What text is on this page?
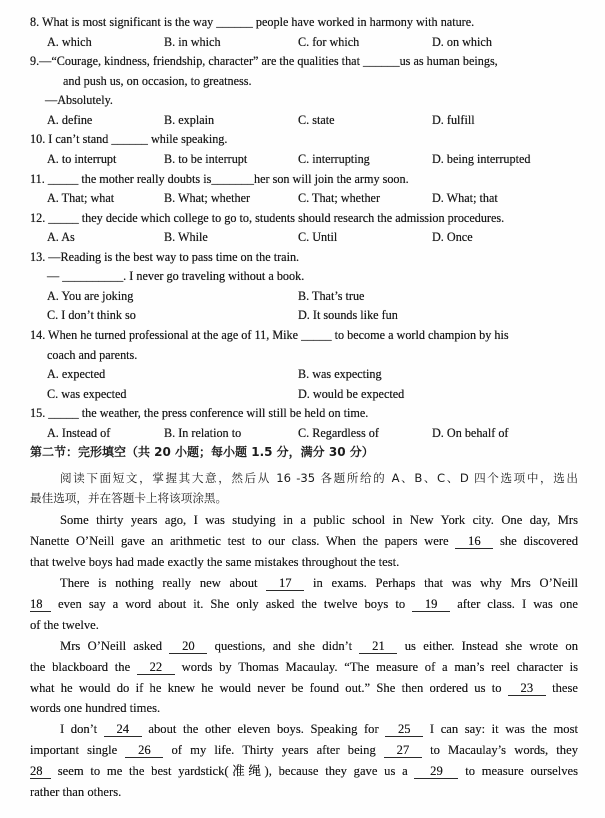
8. What is most significant is the way ______ people have worked in harmony with nature.
A. which	B. in which	C. for which	D. on which
9.—“Courage, kindness, friendship, character” are the qualities that ______us as human beings,
and push us, on occasion, to greatness.
—Absolutely.
A. define	B. explain	C. state	D. fulfill
10. I can’t stand ______ while speaking.
A. to interrupt	B. to be interrupt	C. interrupting	D. being interrupted
11. _____ the mother really doubts is_______her son will join the army soon.
A. That; what	B. What; whether	C. That; whether	D. What; that
12. _____ they decide which college to go to, students should research the admission procedures.
A. As	B. While	C. Until	D. Once
13. —Reading is the best way to pass time on the train.
— __________. I never go traveling without a book.
A. You are joking	B. That’s true
C. I don’t think so	D. It sounds like fun
14. When he turned professional at the age of 11, Mike _____ to become a world champion by his
coach and parents.
A. expected	B. was expecting
C. was expected	D. would be expected
15. _____ the weather, the press conference will still be held on time.
A. Instead of	B. In relation to	C. Regardless of	D. On behalf of
第二节：完形填空（共 20 小题；每小题 1.5 分，满分 30 分）
阅读下面短文，掌握其大意，然后从 16 -35 各题所给的 A、B、C、D 四个选项中，选出
最佳选项，并在答题卡上将该项涂黑。
Some thirty years ago, I was studying in a public school in New York city. One day, Mrs
Nanette O’Neill gave an arithmetic test to our class. When the papers were 16 she discovered
that twelve boys had made exactly the same mistakes throughout the test.
There is nothing really new about 17 in exams. Perhaps that was why Mrs O’Neill
18 even say a word about it. She only asked the twelve boys to 19 after class. I was one
of the twelve.
Mrs O’Neill asked 20 questions, and she didn’t 21 us either. Instead she wrote on
the blackboard the 22 words by Thomas Macaulay. “The measure of a man’s reel character is
what he would do if he knew he would never be found out.” She then ordered us to 23 these
words one hundred times.
I don’t 24 about the other eleven boys. Speaking for 25 I can say: it was the most
important single 26 of my life. Thirty years after being 27 to Macaulay’s words, they
28 seem to me the best yardstick(准绳), because they gave us a 29 to measure ourselves
rather than others.
